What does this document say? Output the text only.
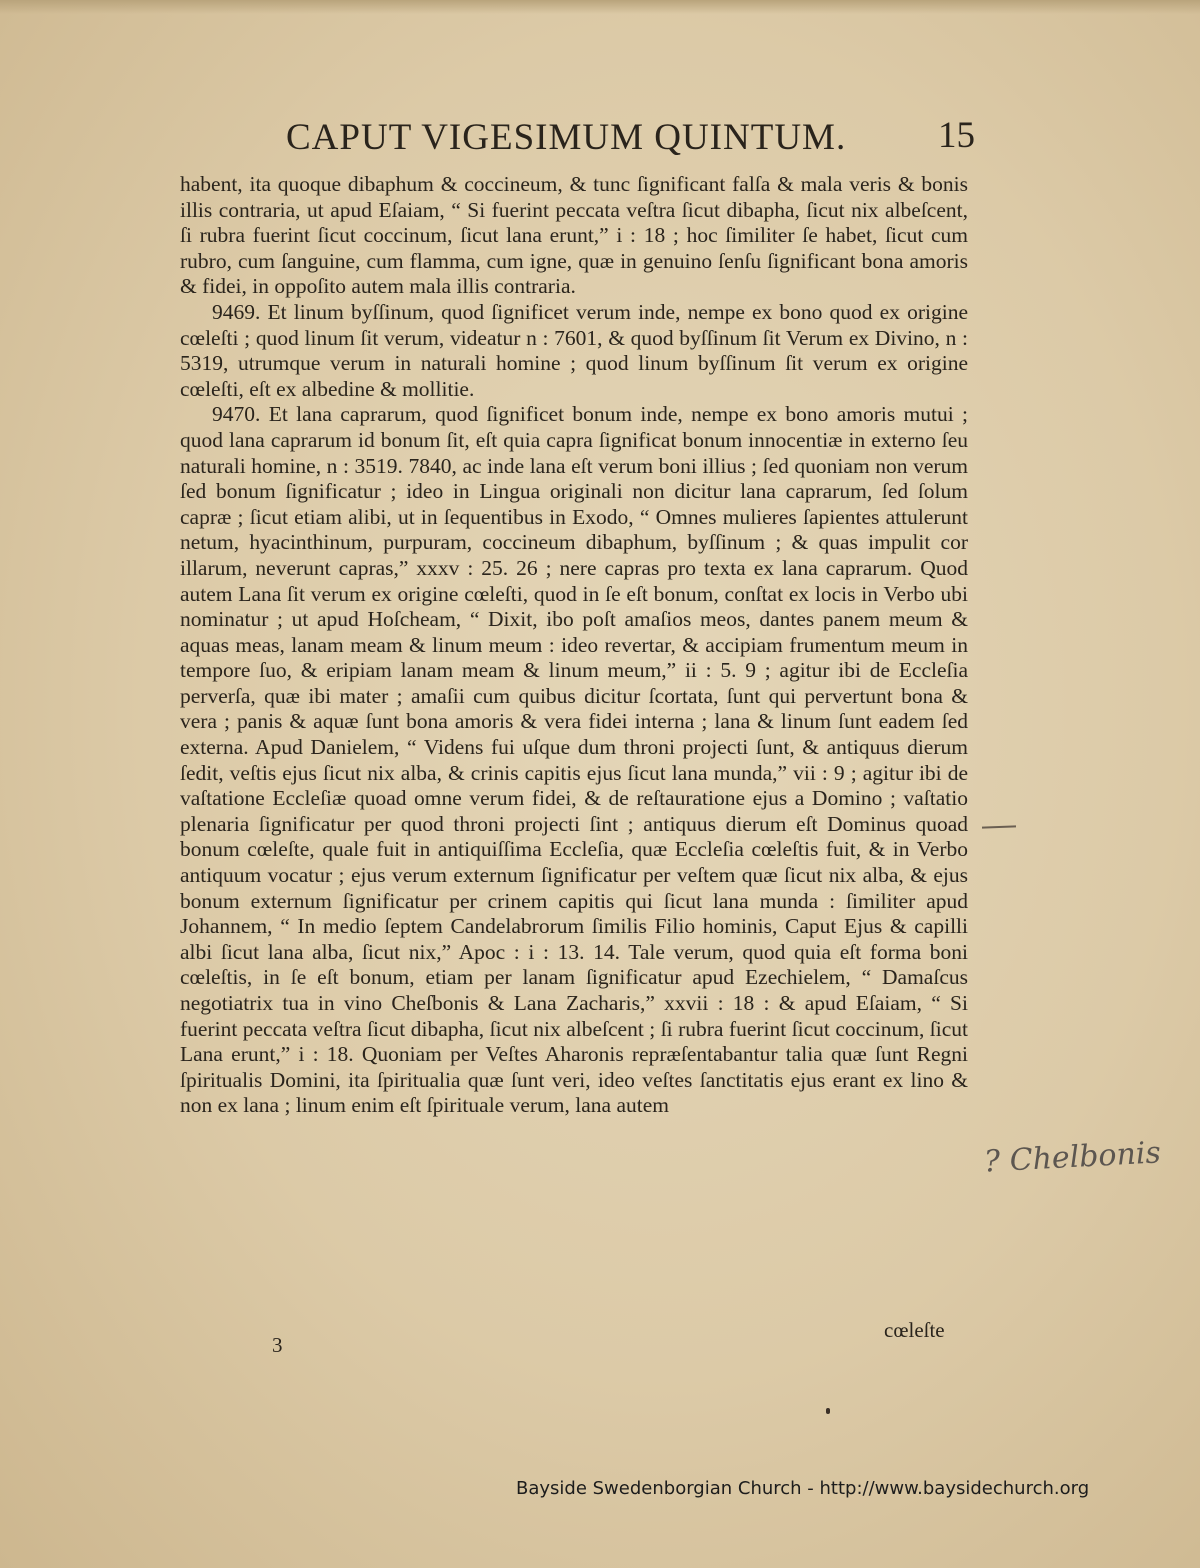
CAPUT VIGESIMUM QUINTUM. 15

habent, ita quoque dibaphum & coccineum, & tunc ſignificant falſa & mala veris & bonis illis contraria, ut apud Eſaiam, “ Si fuerint peccata veſtra ſicut dibapha, ſicut nix albeſcent, ſi rubra fuerint ſicut coccinum, ſicut lana erunt,” i : 18 ; hoc ſimiliter ſe habet, ſicut cum rubro, cum ſanguine, cum flamma, cum igne, quæ in genuino ſenſu ſignificant bona amoris & fidei, in oppoſito autem mala illis contraria.

9469. Et linum byſſinum, quod ſignificet verum inde, nempe ex bono quod ex origine cœleſti ; quod linum ſit verum, videatur n : 7601, & quod byſſinum ſit Verum ex Divino, n : 5319, utrumque verum in naturali homine ; quod linum byſſinum ſit verum ex origine cœleſti, eſt ex albedine & mollitie.

9470. Et lana caprarum, quod ſignificet bonum inde, nempe ex bono amoris mutui ; quod lana caprarum id bonum ſit, eſt quia capra ſignificat bonum innocentiæ in externo ſeu naturali homine, n : 3519. 7840, ac inde lana eſt verum boni illius ; ſed quoniam non verum ſed bonum ſignificatur ; ideo in Lingua originali non dicitur lana caprarum, ſed ſolum capræ ; ſicut etiam alibi, ut in ſequentibus in Exodo, “ Omnes mulieres ſapientes attulerunt netum, hyacinthinum, purpuram, coccineum dibaphum, byſſinum ; & quas impulit cor illarum, neverunt capras,” xxxv : 25. 26 ; nere capras pro texta ex lana caprarum. Quod autem Lana ſit verum ex origine cœleſti, quod in ſe eſt bonum, conſtat ex locis in Verbo ubi nominatur ; ut apud Hoſcheam, “ Dixit, ibo poſt amaſios meos, dantes panem meum & aquas meas, lanam meam & linum meum : ideo revertar, & accipiam frumentum meum in tempore ſuo, & eripiam lanam meam & linum meum,” ii : 5. 9 ; agitur ibi de Eccleſia perverſa, quæ ibi mater ; amaſii cum quibus dicitur ſcortata, ſunt qui pervertunt bona & vera ; panis & aquæ ſunt bona amoris & vera fidei interna ; lana & linum ſunt eadem ſed externa. Apud Danielem, “ Videns fui uſque dum throni projecti ſunt, & antiquus dierum ſedit, veſtis ejus ſicut nix alba, & crinis capitis ejus ſicut lana munda,” vii : 9 ; agitur ibi de vaſtatione Eccleſiæ quoad omne verum fidei, & de reſtauratione ejus a Domino ; vaſtatio plenaria ſignificatur per quod throni projecti ſint ; antiquus dierum eſt Dominus quoad bonum cœleſte, quale fuit in antiquiſſima Eccleſia, quæ Eccleſia cœleſtis fuit, & in Verbo antiquum vocatur ; ejus verum externum ſignificatur per veſtem quæ ſicut nix alba, & ejus bonum externum ſignificatur per crinem capitis qui ſicut lana munda : ſimiliter apud Johannem, “ In medio ſeptem Candelabrorum ſimilis Filio hominis, Caput Ejus & capilli albi ſicut lana alba, ſicut nix,” Apoc : i : 13. 14. Tale verum, quod quia eſt forma boni cœleſtis, in ſe eſt bonum, etiam per lanam ſignificatur apud Ezechielem, “ Damaſcus negotiatrix tua in vino Cheſbonis & Lana Zacharis,” xxvii : 18 : & apud Eſaiam, “ Si fuerint peccata veſtra ſicut dibapha, ſicut nix albeſcent ; ſi rubra fuerint ſicut coccinum, ſicut Lana erunt,” i : 18. Quoniam per Veſtes Aharonis repræſentabantur talia quæ ſunt Regni ſpiritualis Domini, ita ſpiritualia quæ ſunt veri, ideo veſtes ſanctitatis ejus erant ex lino & non ex lana ; linum enim eſt ſpirituale verum, lana autem

3
cœleſte
? Chelbonis
Bayside Swedenborgian Church - http://www.baysidechurch.org
